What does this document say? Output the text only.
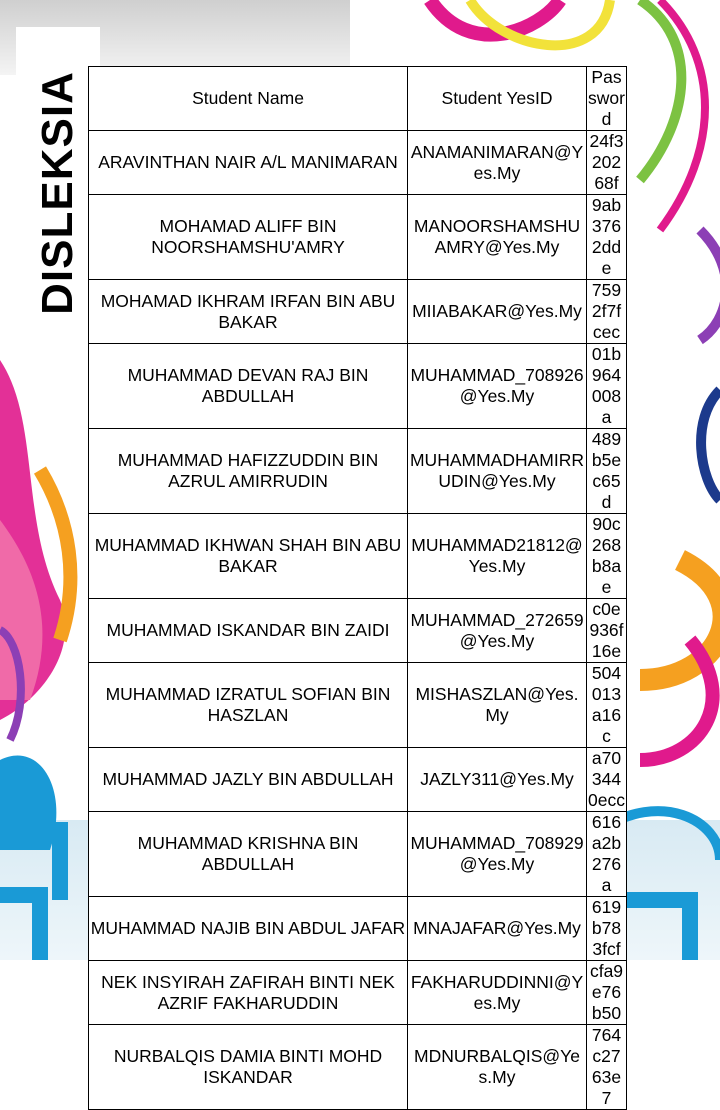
DISLEKSIA	Student Name	Student YesID	Password
ARAVINTHAN NAIR A/L MANIMARAN	ANAMANIMARAN@Yes.My	24f320268f
MOHAMAD ALIFF BIN NOORSHAMSHU'AMRY	MANOORSHAMSHUAMRY@Yes.My	9ab3762dde
MOHAMAD IKHRAM IRFAN BIN ABU BAKAR	MIIABAKAR@Yes.My	7592f7fcec
MUHAMMAD DEVAN RAJ BIN ABDULLAH	MUHAMMAD_708926@Yes.My	01b964008a
MUHAMMAD HAFIZZUDDIN BIN AZRUL AMIRRUDIN	MUHAMMADHAMIRRUDIN@Yes.My	489b5ec65d
MUHAMMAD IKHWAN SHAH BIN ABU BAKAR	MUHAMMAD21812@Yes.My	90c268b8ae
MUHAMMAD ISKANDAR BIN ZAIDI	MUHAMMAD_272659@Yes.My	c0e936f16e
MUHAMMAD IZRATUL SOFIAN BIN HASZLAN	MISHASZLAN@Yes.My	504013a16c
MUHAMMAD JAZLY BIN ABDULLAH	JAZLY311@Yes.My	a703440ecc
MUHAMMAD KRISHNA BIN ABDULLAH	MUHAMMAD_708929@Yes.My	616a2b276a
MUHAMMAD NAJIB BIN ABDUL JAFAR	MNAJAFAR@Yes.My	619b783fcf
NEK INSYIRAH ZAFIRAH BINTI NEK AZRIF FAKHARUDDIN	FAKHARUDDINNI@Yes.My	cfa9e76b50
NURBALQIS DAMIA BINTI MOHD ISKANDAR	MDNURBALQIS@Yes.My	764c2763e7
